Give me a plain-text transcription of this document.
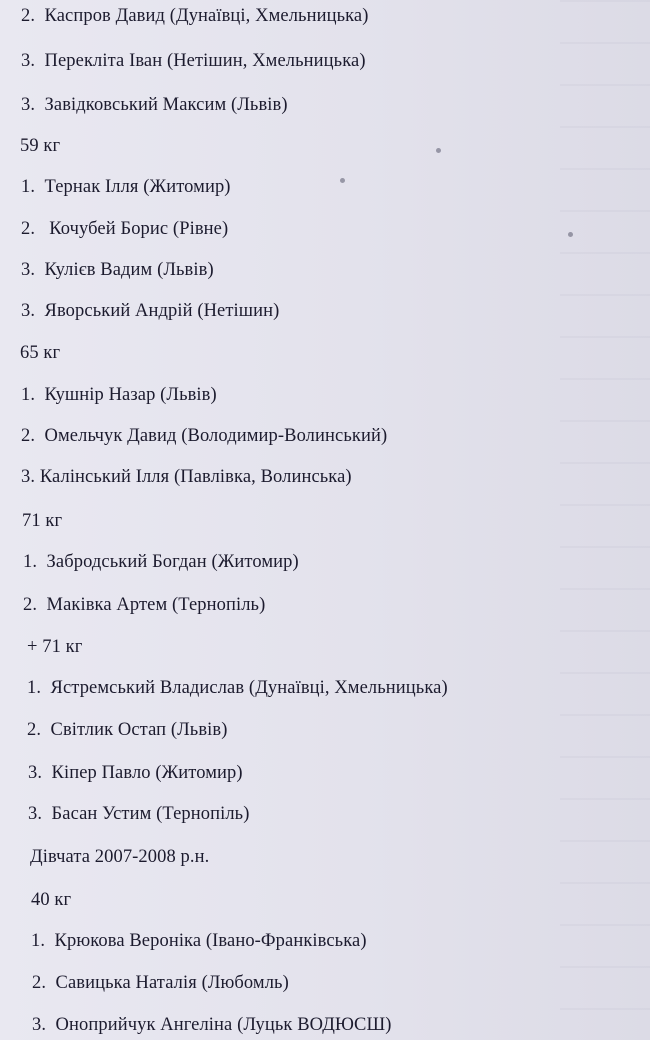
2. Каспров Давид (Дунаївці, Хмельницька)
3. Перекліта Іван (Нетішин, Хмельницька)
3. Завідковський Максим (Львів)
59 кг
1. Тернак Ілля (Житомир)
2. Кочубей Борис (Рівне)
3. Кулієв Вадим (Львів)
3. Яворський Андрій (Нетішин)
65 кг
1. Кушнір Назар (Львів)
2. Омельчук Давид (Володимир-Волинський)
3. Калінський Ілля (Павлівка, Волинська)
71 кг
1. Забродський Богдан (Житомир)
2. Маківка Артем (Тернопіль)
+ 71 кг
1. Ястремський Владислав (Дунаївці, Хмельницька)
2. Світлик Остап (Львів)
3. Кіпер Павло (Житомир)
3. Басан Устим (Тернопіль)
Дівчата 2007-2008 р.н.
40 кг
1. Крюкова Вероніка (Івано-Франківська)
2. Савицька Наталія (Любомль)
3. Оноприйчук Ангеліна (Луцьк ВОДЮСШ)
